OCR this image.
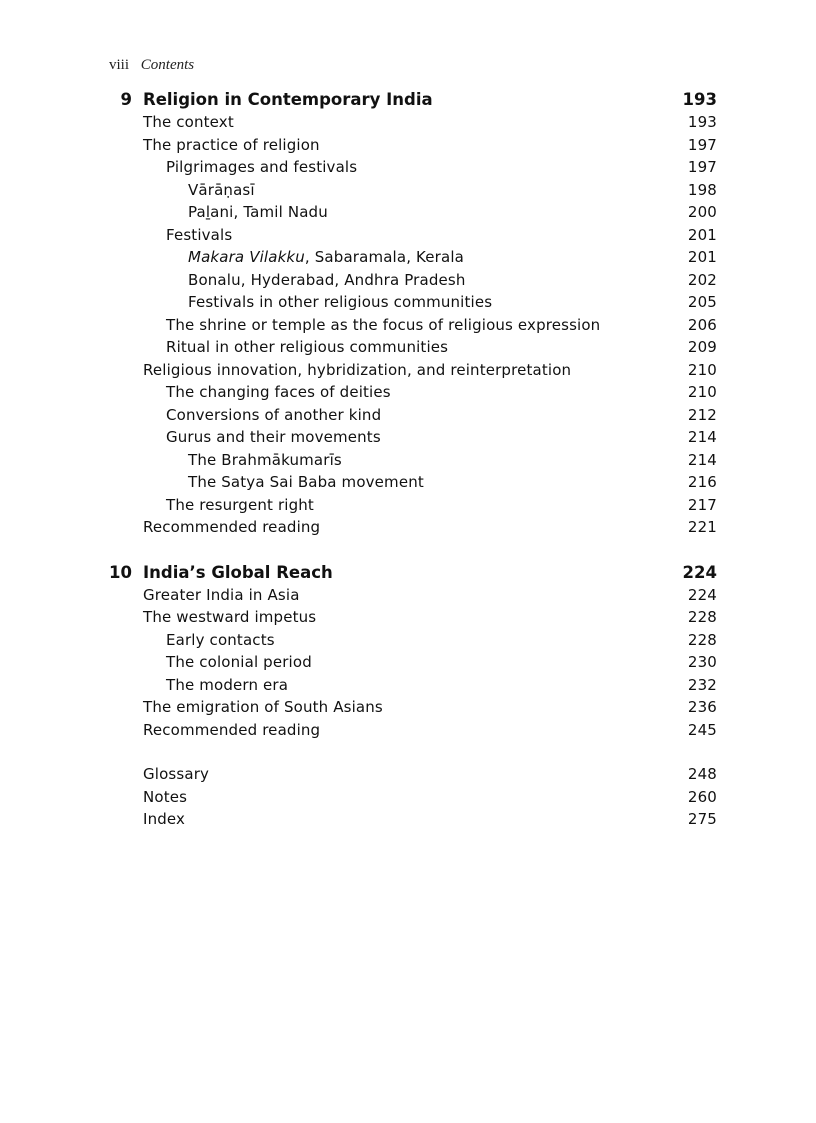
viii Contents
9 Religion in Contemporary India	193
The context	193
The practice of religion	197
Pilgrimages and festivals	197
Vārāṇasī	198
Paḻani, Tamil Nadu	200
Festivals	201
Makara Vilakku, Sabaramala, Kerala	201
Bonalu, Hyderabad, Andhra Pradesh	202
Festivals in other religious communities	205
The shrine or temple as the focus of religious expression	206
Ritual in other religious communities	209
Religious innovation, hybridization, and reinterpretation	210
The changing faces of deities	210
Conversions of another kind	212
Gurus and their movements	214
The Brahmākumarīs	214
The Satya Sai Baba movement	216
The resurgent right	217
Recommended reading	221
10 India’s Global Reach	224
Greater India in Asia	224
The westward impetus	228
Early contacts	228
The colonial period	230
The modern era	232
The emigration of South Asians	236
Recommended reading	245
Glossary	248
Notes	260
Index	275
